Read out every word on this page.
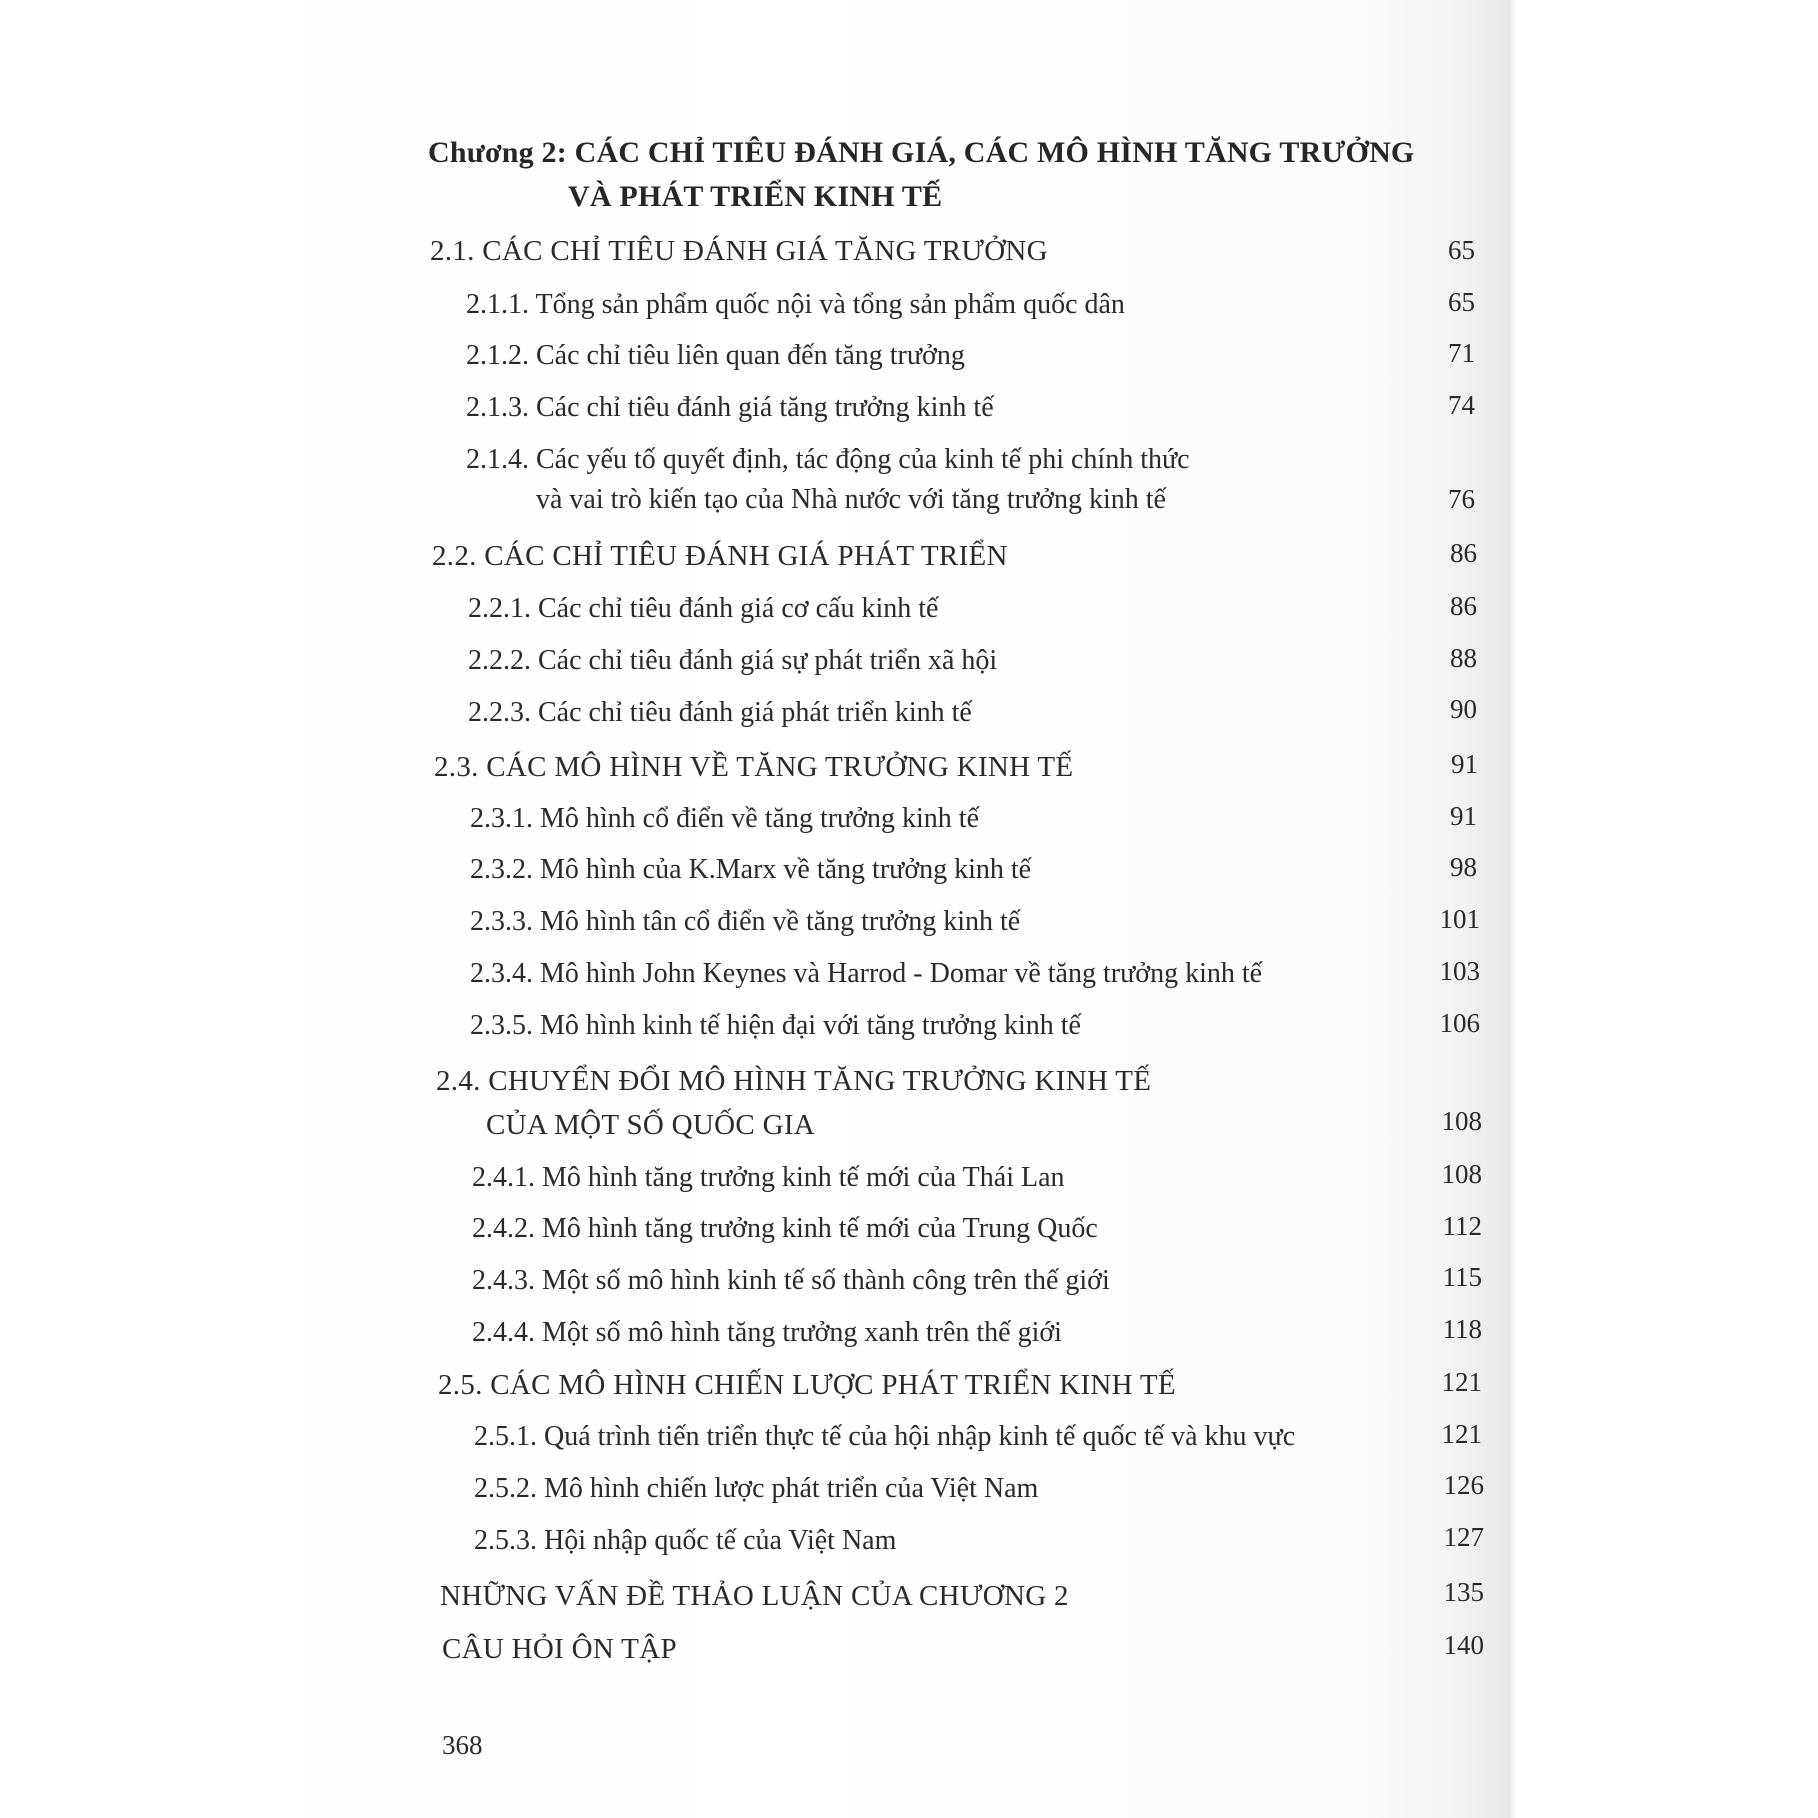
Chương 2: CÁC CHỈ TIÊU ĐÁNH GIÁ, CÁC MÔ HÌNH TĂNG TRƯỞNG
VÀ PHÁT TRIỂN KINH TẾ
2.1. CÁC CHỈ TIÊU ĐÁNH GIÁ TĂNG TRƯỞNG	65
2.1.1. Tổng sản phẩm quốc nội và tổng sản phẩm quốc dân	65
2.1.2. Các chỉ tiêu liên quan đến tăng trưởng	71
2.1.3. Các chỉ tiêu đánh giá tăng trưởng kinh tế	74
2.1.4. Các yếu tố quyết định, tác động của kinh tế phi chính thức
và vai trò kiến tạo của Nhà nước với tăng trưởng kinh tế	76
2.2. CÁC CHỈ TIÊU ĐÁNH GIÁ PHÁT TRIỂN	86
2.2.1. Các chỉ tiêu đánh giá cơ cấu kinh tế	86
2.2.2. Các chỉ tiêu đánh giá sự phát triển xã hội	88
2.2.3. Các chỉ tiêu đánh giá phát triển kinh tế	90
2.3. CÁC MÔ HÌNH VỀ TĂNG TRƯỞNG KINH TẾ	91
2.3.1. Mô hình cổ điển về tăng trưởng kinh tế	91
2.3.2. Mô hình của K.Marx về tăng trưởng kinh tế	98
2.3.3. Mô hình tân cổ điển về tăng trưởng kinh tế	101
2.3.4. Mô hình John Keynes và Harrod - Domar về tăng trưởng kinh tế	103
2.3.5. Mô hình kinh tế hiện đại với tăng trưởng kinh tế	106
2.4. CHUYỂN ĐỔI MÔ HÌNH TĂNG TRƯỞNG KINH TẾ
CỦA MỘT SỐ QUỐC GIA	108
2.4.1. Mô hình tăng trưởng kinh tế mới của Thái Lan	108
2.4.2. Mô hình tăng trưởng kinh tế mới của Trung Quốc	112
2.4.3. Một số mô hình kinh tế số thành công trên thế giới	115
2.4.4. Một số mô hình tăng trưởng xanh trên thế giới	118
2.5. CÁC MÔ HÌNH CHIẾN LƯỢC PHÁT TRIỂN KINH TẾ	121
2.5.1. Quá trình tiến triển thực tế của hội nhập kinh tế quốc tế và khu vực	121
2.5.2. Mô hình chiến lược phát triển của Việt Nam	126
2.5.3. Hội nhập quốc tế của Việt Nam	127
NHỮNG VẤN ĐỀ THẢO LUẬN CỦA CHƯƠNG 2	135
CÂU HỎI ÔN TẬP	140
368
